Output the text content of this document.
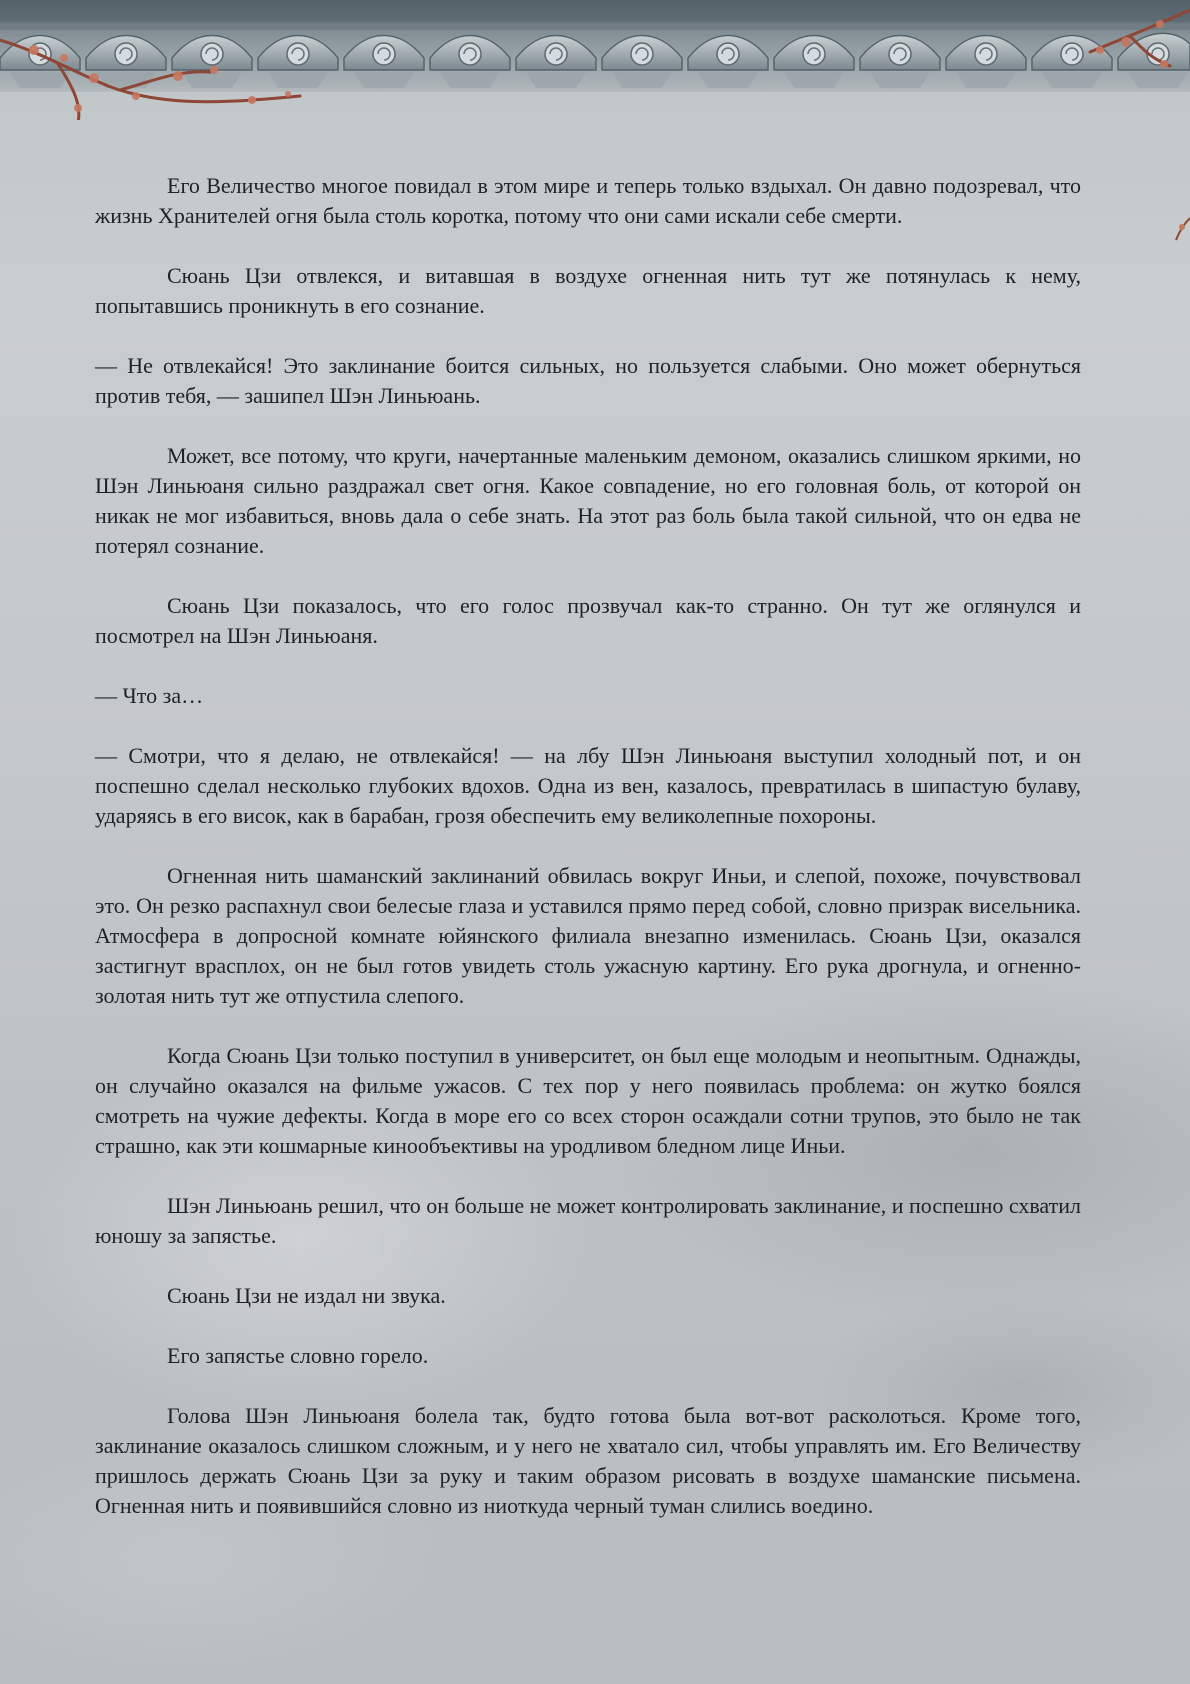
Его Величество многое повидал в этом мире и теперь только вздыхал. Он давно подозревал, что жизнь Хранителей огня была столь коротка, потому что они сами искали себе смерти.

Сюань Цзи отвлекся, и витавшая в воздухе огненная нить тут же потянулась к нему, попытавшись проникнуть в его сознание.

— Не отвлекайся! Это заклинание боится сильных, но пользуется слабыми. Оно может обернуться против тебя, — зашипел Шэн Линьюань.

Может, все потому, что круги, начертанные маленьким демоном, оказались слишком яркими, но Шэн Линьюаня сильно раздражал свет огня. Какое совпадение, но его головная боль, от которой он никак не мог избавиться, вновь дала о себе знать. На этот раз боль была такой сильной, что он едва не потерял сознание.

Сюань Цзи показалось, что его голос прозвучал как-то странно. Он тут же оглянулся и посмотрел на Шэн Линьюаня.

— Что за…

— Смотри, что я делаю, не отвлекайся! — на лбу Шэн Линьюаня выступил холодный пот, и он поспешно сделал несколько глубоких вдохов. Одна из вен, казалось, превратилась в шипастую булаву, ударяясь в его висок, как в барабан, грозя обеспечить ему великолепные похороны.

Огненная нить шаманский заклинаний обвилась вокруг Иньи, и слепой, похоже, почувствовал это. Он резко распахнул свои белесые глаза и уставился прямо перед собой, словно призрак висельника. Атмосфера в допросной комнате юйянского филиала внезапно изменилась. Сюань Цзи, оказался застигнут врасплох, он не был готов увидеть столь ужасную картину. Его рука дрогнула, и огненно-золотая нить тут же отпустила слепого.

Когда Сюань Цзи только поступил в университет, он был еще молодым и неопытным. Однажды, он случайно оказался на фильме ужасов. С тех пор у него появилась проблема: он жутко боялся смотреть на чужие дефекты. Когда в море его со всех сторон осаждали сотни трупов, это было не так страшно, как эти кошмарные кинообъективы на уродливом бледном лице Иньи.

Шэн Линьюань решил, что он больше не может контролировать заклинание, и поспешно схватил юношу за запястье.

Сюань Цзи не издал ни звука.

Его запястье словно горело.

Голова Шэн Линьюаня болела так, будто готова была вот-вот расколоться. Кроме того, заклинание оказалось слишком сложным, и у него не хватало сил, чтобы управлять им. Его Величеству пришлось держать Сюань Цзи за руку и таким образом рисовать в воздухе шаманские письмена. Огненная нить и появившийся словно из ниоткуда черный туман слились воедино.
